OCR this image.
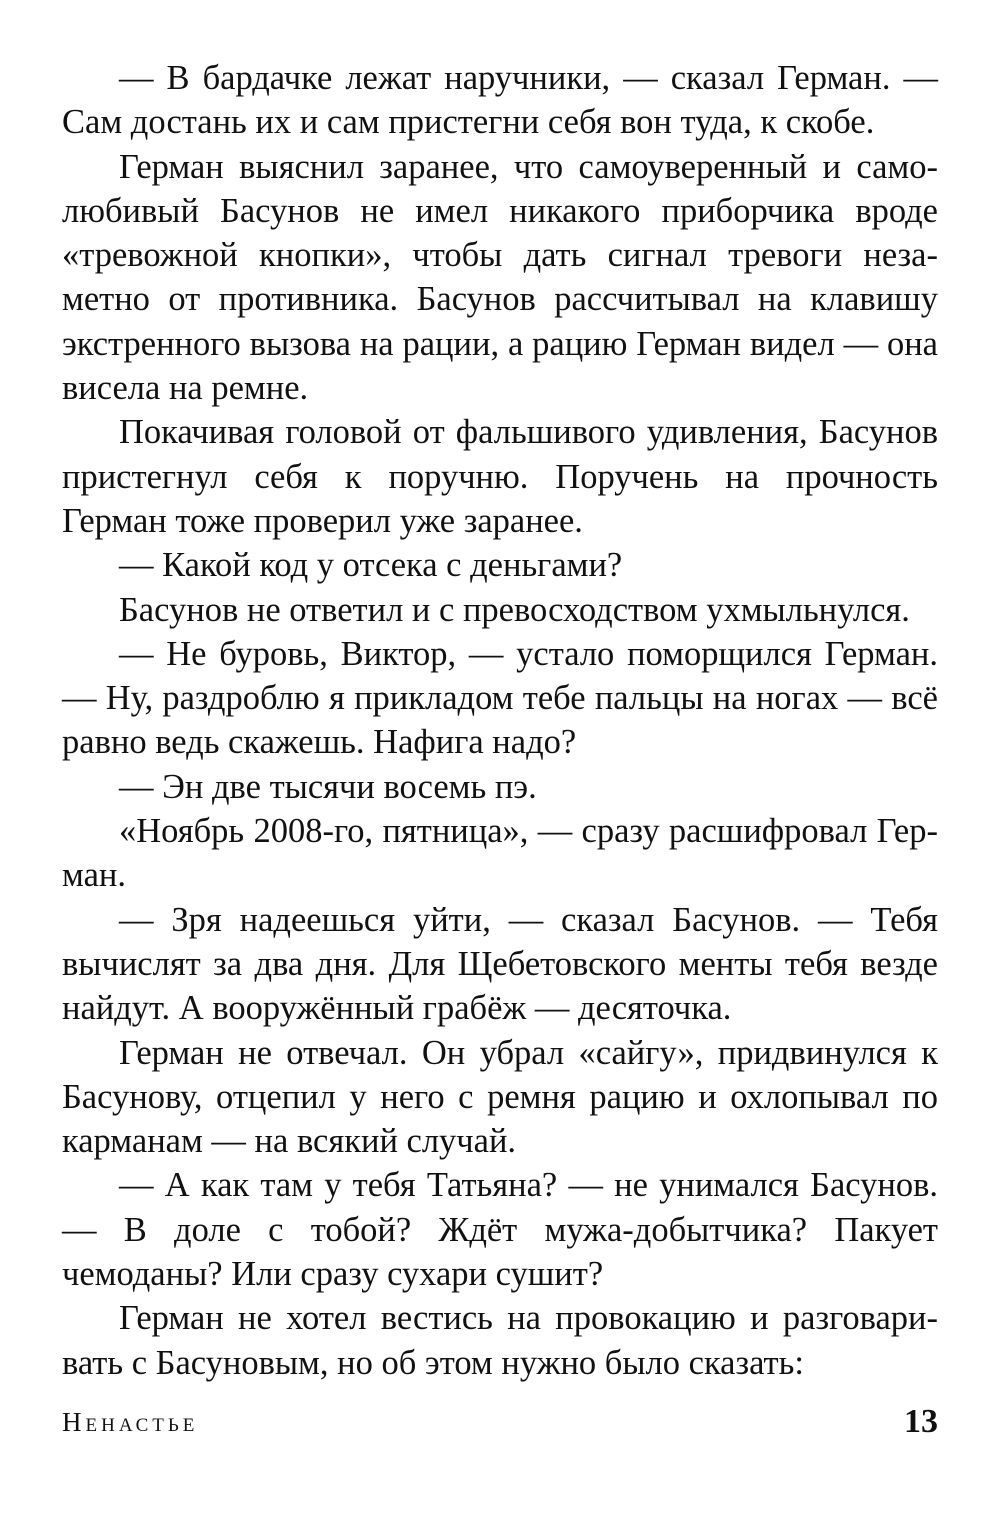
— В бардачке лежат наручники, — сказал Герман. — Сам достань их и сам пристегни себя вон туда, к скобе.

Герман выяснил заранее, что самоуверенный и самолюбивый Басунов не имел никакого приборчика вроде «тревожной кнопки», чтобы дать сигнал тревоги незаметно от противника. Басунов рассчитывал на клавишу экстренного вызова на рации, а рацию Герман видел — она висела на ремне.

Покачивая головой от фальшивого удивления, Басунов пристегнул себя к поручню. Поручень на прочность Герман тоже проверил уже заранее.

— Какой код у отсека с деньгами?

Басунов не ответил и с превосходством ухмыльнулся.

— Не буровь, Виктор, — устало поморщился Герман. — Ну, раздроблю я прикладом тебе пальцы на ногах — всё равно ведь скажешь. Нафига надо?

— Эн две тысячи восемь пэ.

«Ноябрь 2008-го, пятница», — сразу расшифровал Герман.

— Зря надеешься уйти, — сказал Басунов. — Тебя вычислят за два дня. Для Щебетовского менты тебя везде найдут. А вооружённый грабёж — десяточка.

Герман не отвечал. Он убрал «сайгу», придвинулся к Басунову, отцепил у него с ремня рацию и охлопывал по карманам — на всякий случай.

— А как там у тебя Татьяна? — не унимался Басунов. — В доле с тобой? Ждёт мужа-добытчика? Пакует чемоданы? Или сразу сухари сушит?

Герман не хотел вестись на провокацию и разговаривать с Басуновым, но об этом нужно было сказать:

Ненастье	13
